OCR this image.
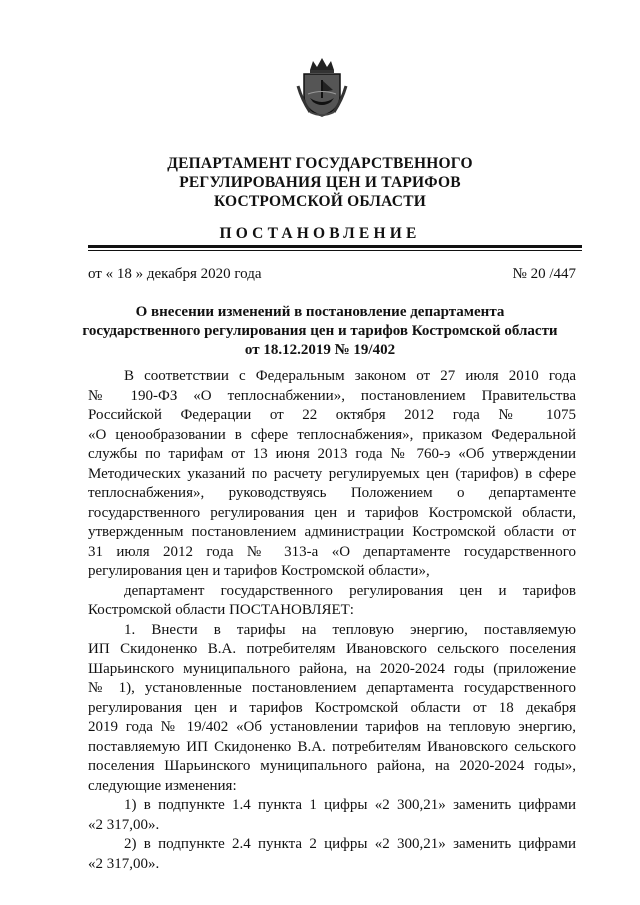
ДЕПАРТАМЕНТ ГОСУДАРСТВЕННОГО
РЕГУЛИРОВАНИЯ ЦЕН И ТАРИФОВ
КОСТРОМСКОЙ ОБЛАСТИ
ПОСТАНОВЛЕНИЕ
от « 18 » декабря 2020 года	№ 20 /447
О внесении изменений в постановление департамента
государственного регулирования цен и тарифов Костромской области
от 18.12.2019 № 19/402
В соответствии с Федеральным законом от 27 июля 2010 года
№ 190-ФЗ «О теплоснабжении», постановлением Правительства
Российской Федерации от 22 октября 2012 года № 1075
«О ценообразовании в сфере теплоснабжения», приказом Федеральной
службы по тарифам от 13 июня 2013 года № 760-э «Об утверждении
Методических указаний по расчету регулируемых цен (тарифов) в сфере
теплоснабжения», руководствуясь Положением о департаменте
государственного регулирования цен и тарифов Костромской области,
утвержденным постановлением администрации Костромской области от
31 июля 2012 года № 313-а «О департаменте государственного
регулирования цен и тарифов Костромской области»,
департамент государственного регулирования цен и тарифов
Костромской области ПОСТАНОВЛЯЕТ:
1. Внести в тарифы на тепловую энергию, поставляемую
ИП Скидоненко В.А. потребителям Ивановского сельского поселения
Шарьинского муниципального района, на 2020-2024 годы (приложение
№ 1), установленные постановлением департамента государственного
регулирования цен и тарифов Костромской области от 18 декабря
2019 года № 19/402 «Об установлении тарифов на тепловую энергию,
поставляемую ИП Скидоненко В.А. потребителям Ивановского сельского
поселения Шарьинского муниципального района, на 2020-2024 годы»,
следующие изменения:
1) в подпункте 1.4 пункта 1 цифры «2 300,21» заменить цифрами
«2 317,00».
2) в подпункте 2.4 пункта 2 цифры «2 300,21» заменить цифрами
«2 317,00».
